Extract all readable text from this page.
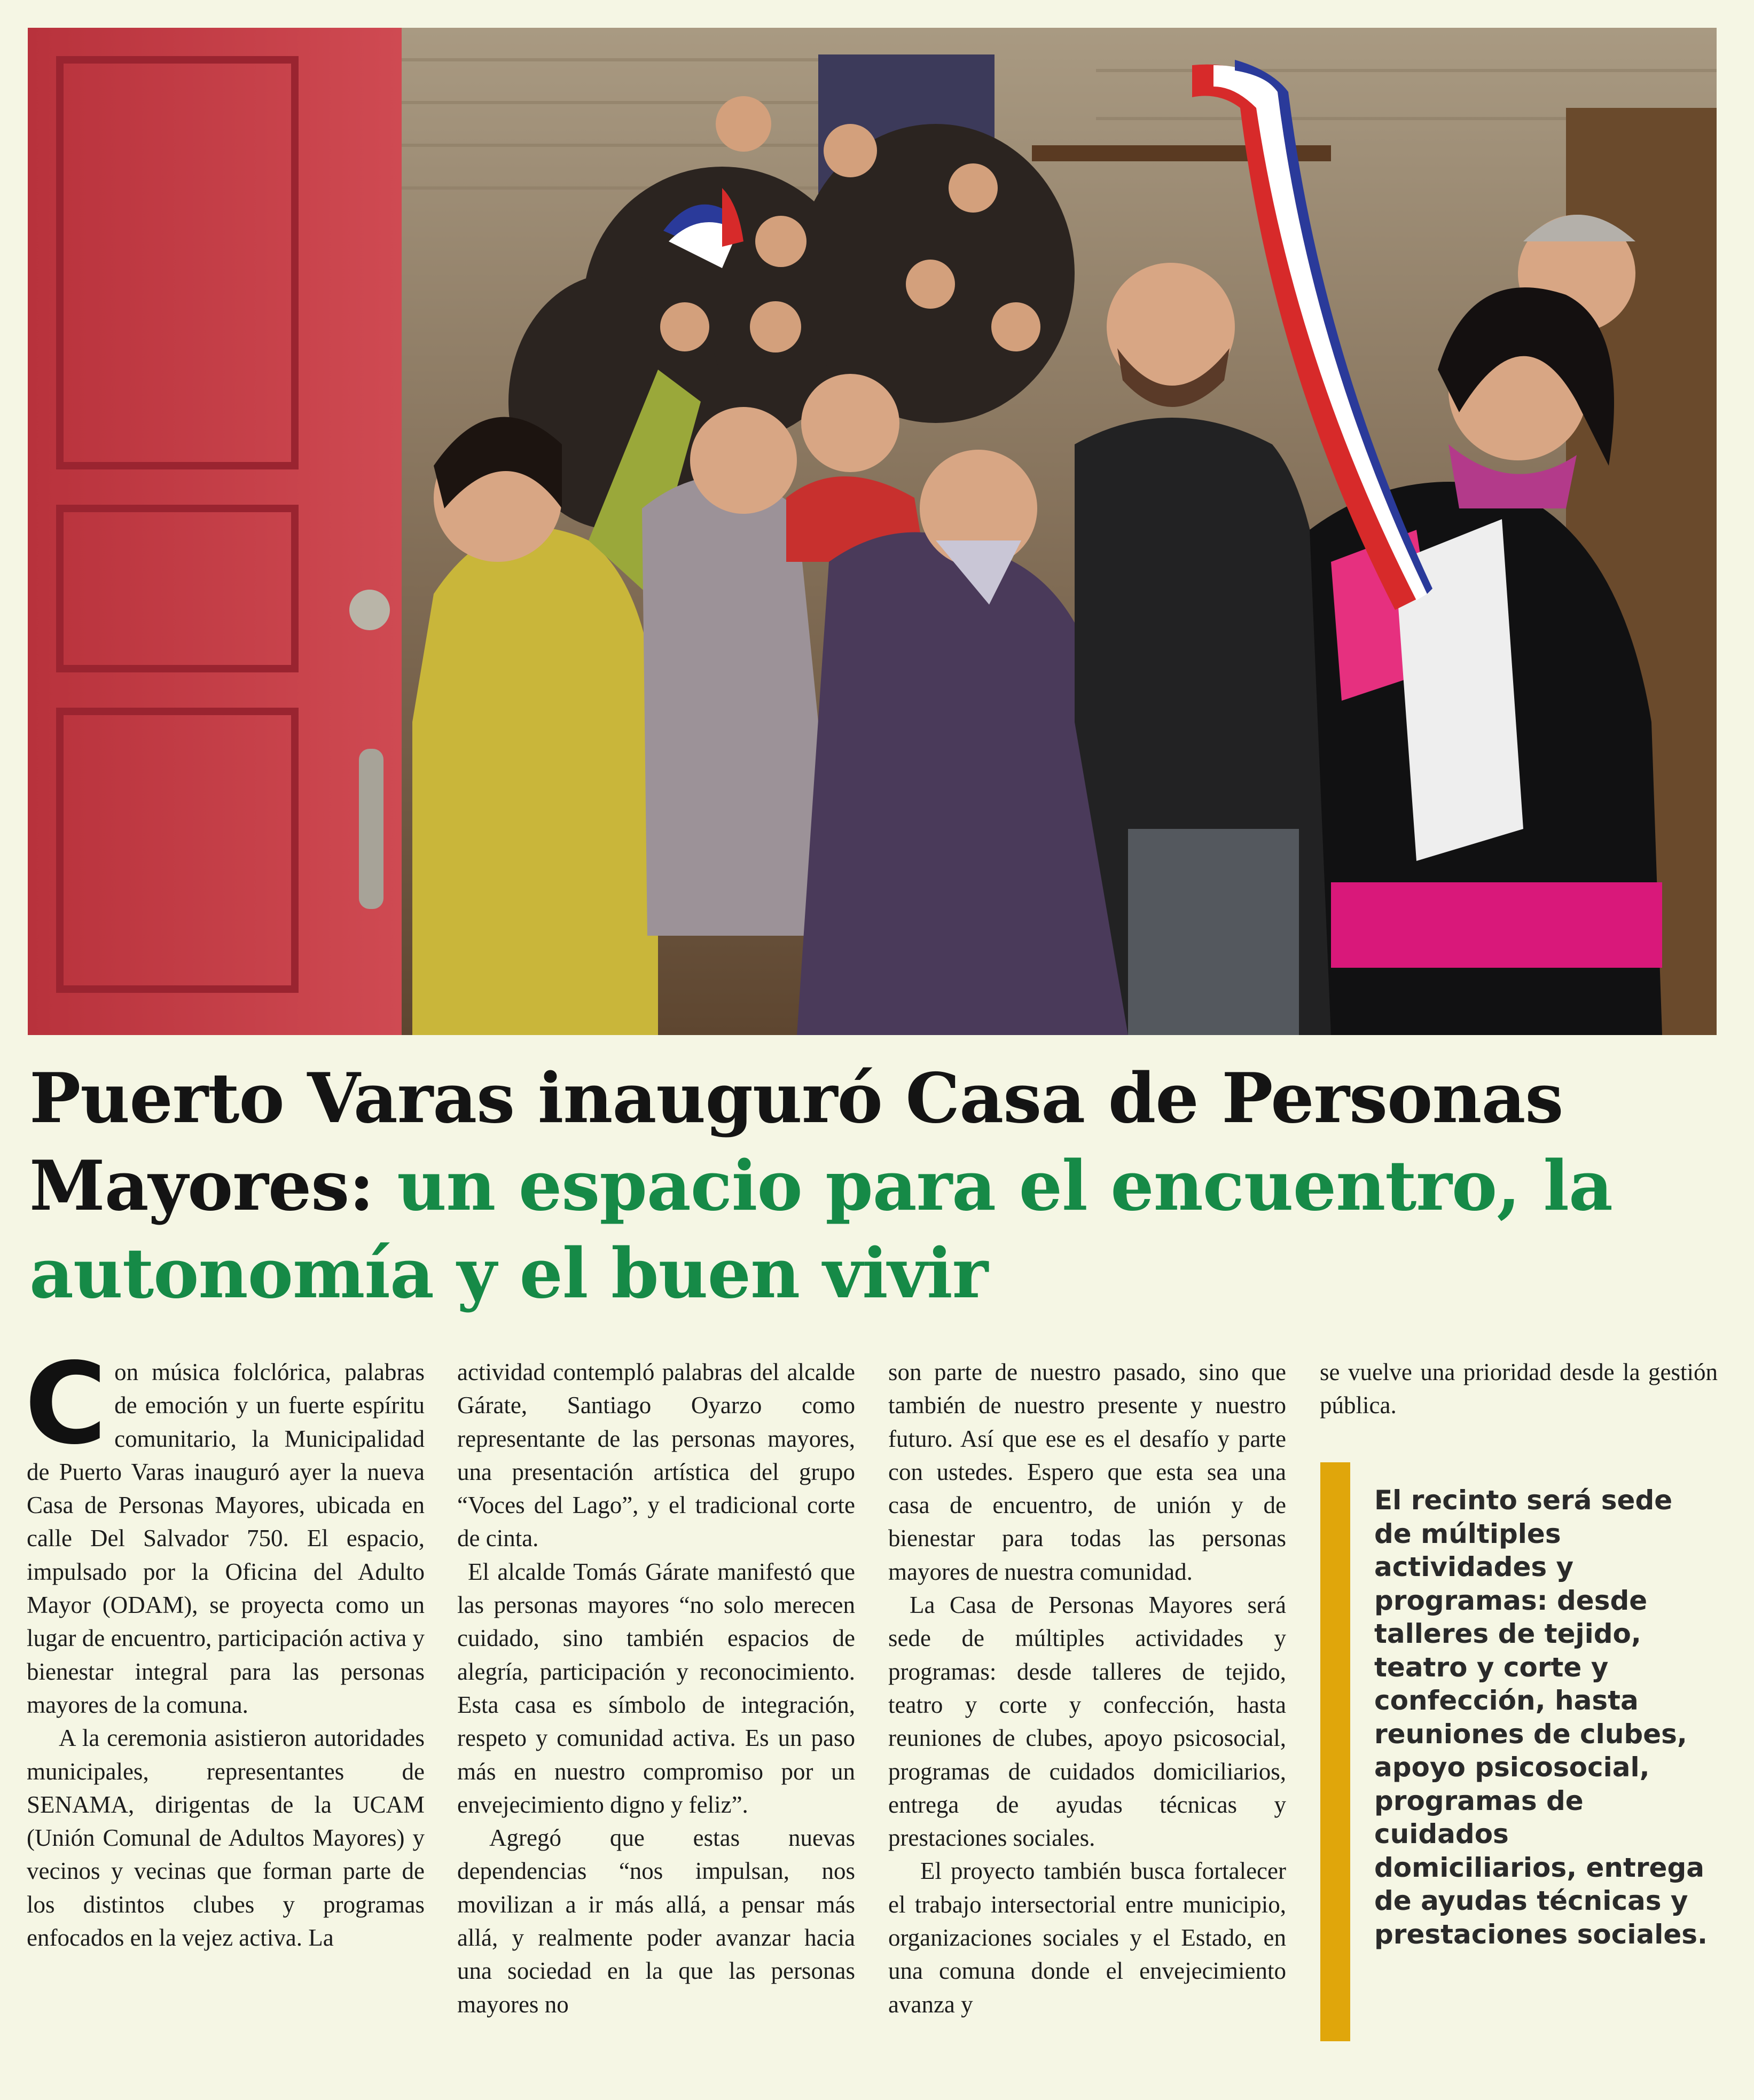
Puerto Varas inauguró Casa de Personas Mayores: un espacio para el encuentro, la autonomía y el buen vivir

Con música folclórica, palabras de emoción y un fuerte espíritu comunitario, la Municipalidad de Puerto Varas inauguró ayer la nueva Casa de Personas Mayores, ubicada en calle Del Salvador 750. El espacio, impulsado por la Oficina del Adulto Mayor (ODAM), se proyecta como un lugar de encuentro, participación activa y bienestar integral para las personas mayores de la comuna.

A la ceremonia asistieron autoridades municipales, representantes de SENAMA, dirigentas de la UCAM (Unión Comunal de Adultos Mayores) y vecinos y vecinas que forman parte de los distintos clubes y programas enfocados en la vejez activa. La

actividad contempló palabras del alcalde Gárate, Santiago Oyarzo como representante de las personas mayores, una presentación artística del grupo “Voces del Lago”, y el tradicional corte de cinta.

El alcalde Tomás Gárate manifestó que las personas mayores “no solo merecen cuidado, sino también espacios de alegría, participación y reconocimiento. Esta casa es símbolo de integración, respeto y comunidad activa. Es un paso más en nuestro compromiso por un envejecimiento digno y feliz”.

Agregó que estas nuevas dependencias “nos impulsan, nos movilizan a ir más allá, a pensar más allá, y realmente poder avanzar hacia una sociedad en la que las personas mayores no

son parte de nuestro pasado, sino que también de nuestro presente y nuestro futuro. Así que ese es el desafío y parte con ustedes. Espero que esta sea una casa de encuentro, de unión y de bienestar para todas las personas mayores de nuestra comunidad.

La Casa de Personas Mayores será sede de múltiples actividades y programas: desde talleres de tejido, teatro y corte y confección, hasta reuniones de clubes, apoyo psicosocial, programas de cuidados domiciliarios, entrega de ayudas técnicas y prestaciones sociales.

El proyecto también busca fortalecer el trabajo intersectorial entre municipio, organizaciones sociales y el Estado, en una comuna donde el envejecimiento avanza y

se vuelve una prioridad desde la gestión pública.

El recinto será sede de múltiples actividades y programas: desde talleres de tejido, teatro y corte y confección, hasta reuniones de clubes, apoyo psicosocial, programas de cuidados domiciliarios, entrega de ayudas técnicas y prestaciones sociales.
